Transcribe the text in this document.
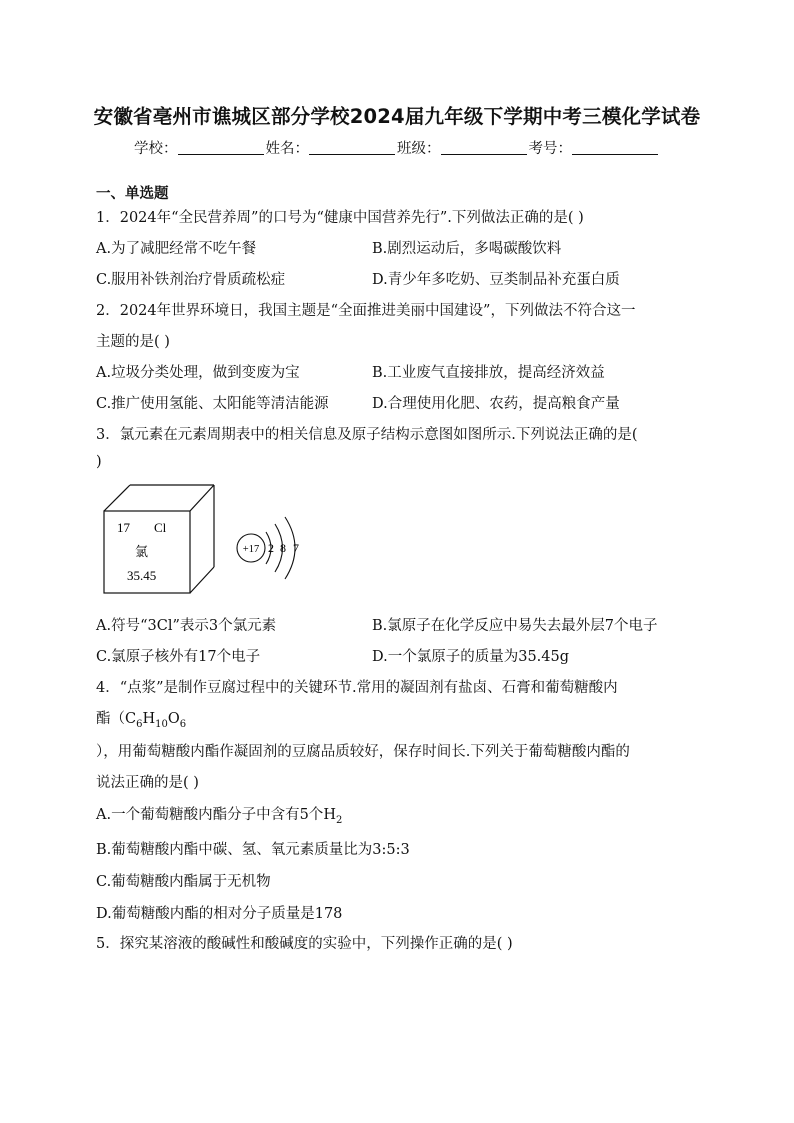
安徽省亳州市谯城区部分学校2024届九年级下学期中考三模化学试卷
学校：	姓名：	班级：	考号：
一、单选题
1．2024年“全民营养周”的口号为“健康中国营养先行”.下列做法正确的是( )
A.为了减肥经常不吃午餐	B.剧烈运动后，多喝碳酸饮料
C.服用补铁剂治疗骨质疏松症	D.青少年多吃奶、豆类制品补充蛋白质
2．2024年世界环境日，我国主题是“全面推进美丽中国建设”，下列做法不符合这一
主题的是( )
A.垃圾分类处理，做到变废为宝	B.工业废气直接排放，提高经济效益
C.推广使用氢能、太阳能等清洁能源	D.合理使用化肥、农药，提高粮食产量
3．氯元素在元素周期表中的相关信息及原子结构示意图如图所示.下列说法正确的是(
)
17 Cl
氯
35.45
+17 2 8 7
A.符号“3Cl”表示3个氯元素	B.氯原子在化学反应中易失去最外层7个电子
C.氯原子核外有17个电子	D.一个氯原子的质量为35.45g
4．“点浆”是制作豆腐过程中的关键环节.常用的凝固剂有盐卤、石膏和葡萄糖酸内
酯（$C_6H_{10}O_6$
），用葡萄糖酸内酯作凝固剂的豆腐品质较好，保存时间长.下列关于葡萄糖酸内酯的
说法正确的是( )
A.一个葡萄糖酸内酯分子中含有5个$H_2$
B.葡萄糖酸内酯中碳、氢、氧元素质量比为3:5:3
C.葡萄糖酸内酯属于无机物
D.葡萄糖酸内酯的相对分子质量是178
5．探究某溶液的酸碱性和酸碱度的实验中，下列操作正确的是( )
